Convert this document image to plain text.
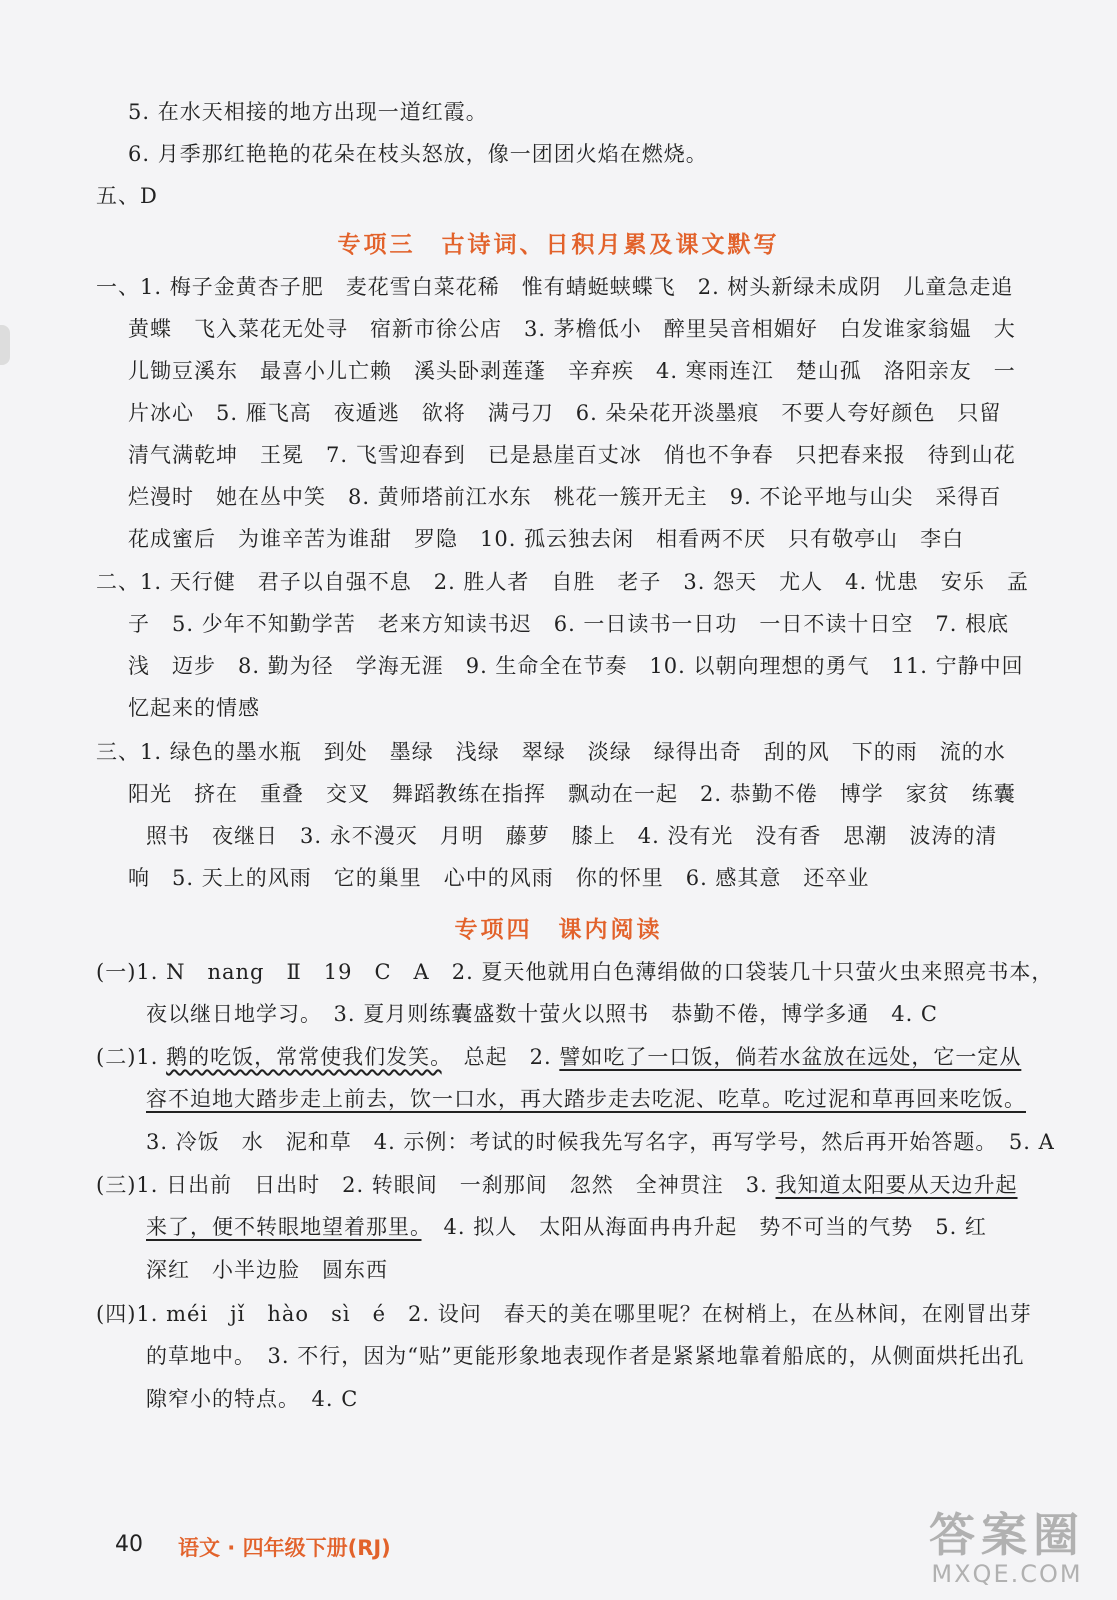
5. 在水天相接的地方出现一道红霞。
6. 月季那红艳艳的花朵在枝头怒放，像一团团火焰在燃烧。
五、D
专项三　古诗词、日积月累及课文默写
一、1. 梅子金黄杏子肥　麦花雪白菜花稀　惟有蜻蜓蛱蝶飞　2. 树头新绿未成阴　儿童急走追
黄蝶　飞入菜花无处寻　宿新市徐公店　3. 茅檐低小　醉里吴音相媚好　白发谁家翁媪　大
儿锄豆溪东　最喜小儿亡赖　溪头卧剥莲蓬　辛弃疾　4. 寒雨连江　楚山孤　洛阳亲友　一
片冰心　5. 雁飞高　夜遁逃　欲将　满弓刀　6. 朵朵花开淡墨痕　不要人夸好颜色　只留
清气满乾坤　王冕　7. 飞雪迎春到　已是悬崖百丈冰　俏也不争春　只把春来报　待到山花
烂漫时　她在丛中笑　8. 黄师塔前江水东　桃花一簇开无主　9. 不论平地与山尖　采得百
花成蜜后　为谁辛苦为谁甜　罗隐　10. 孤云独去闲　相看两不厌　只有敬亭山　李白
二、1. 天行健　君子以自强不息　2. 胜人者　自胜　老子　3. 怨天　尤人　4. 忧患　安乐　孟
子　5. 少年不知勤学苦　老来方知读书迟　6. 一日读书一日功　一日不读十日空　7. 根底
浅　迈步　8. 勤为径　学海无涯　9. 生命全在节奏　10. 以朝向理想的勇气　11. 宁静中回
忆起来的情感
三、1. 绿色的墨水瓶　到处　墨绿　浅绿　翠绿　淡绿　绿得出奇　刮的风　下的雨　流的水
阳光　挤在　重叠　交叉　舞蹈教练在指挥　飘动在一起　2. 恭勤不倦　博学　家贫　练囊
照书　夜继日　3. 永不漫灭　月明　藤萝　膝上　4. 没有光　没有香　思潮　波涛的清
响　5. 天上的风雨　它的巢里　心中的风雨　你的怀里　6. 感其意　还卒业
专项四　课内阅读
(一)1. N　nang　Ⅱ　19　C　A　2. 夏天他就用白色薄绢做的口袋装几十只萤火虫来照亮书本，
夜以继日地学习。　3. 夏月则练囊盛数十萤火以照书　恭勤不倦，博学多通　4. C
(二)1. 鹅的吃饭，常常使我们发笑。　总起　2. 譬如吃了一口饭，倘若水盆放在远处，它一定从
容不迫地大踏步走上前去，饮一口水，再大踏步走去吃泥、吃草。吃过泥和草再回来吃饭。
3. 冷饭　水　泥和草　4. 示例：考试的时候我先写名字，再写学号，然后再开始答题。　5. A
(三)1. 日出前　日出时　2. 转眼间　一刹那间　忽然　全神贯注　3. 我知道太阳要从天边升起
来了，便不转眼地望着那里。　4. 拟人　太阳从海面冉冉升起　势不可当的气势　5. 红
深红　小半边脸　圆东西
(四)1. méi　jǐ　hào　sì　é　2. 设问　春天的美在哪里呢？在树梢上，在丛林间，在刚冒出芽
的草地中。　3. 不行，因为“贴”更能形象地表现作者是紧紧地靠着船底的，从侧面烘托出孔
隙窄小的特点。　4. C
40 语文 · 四年级下册(RJ)	答案圈
MXQE.COM
